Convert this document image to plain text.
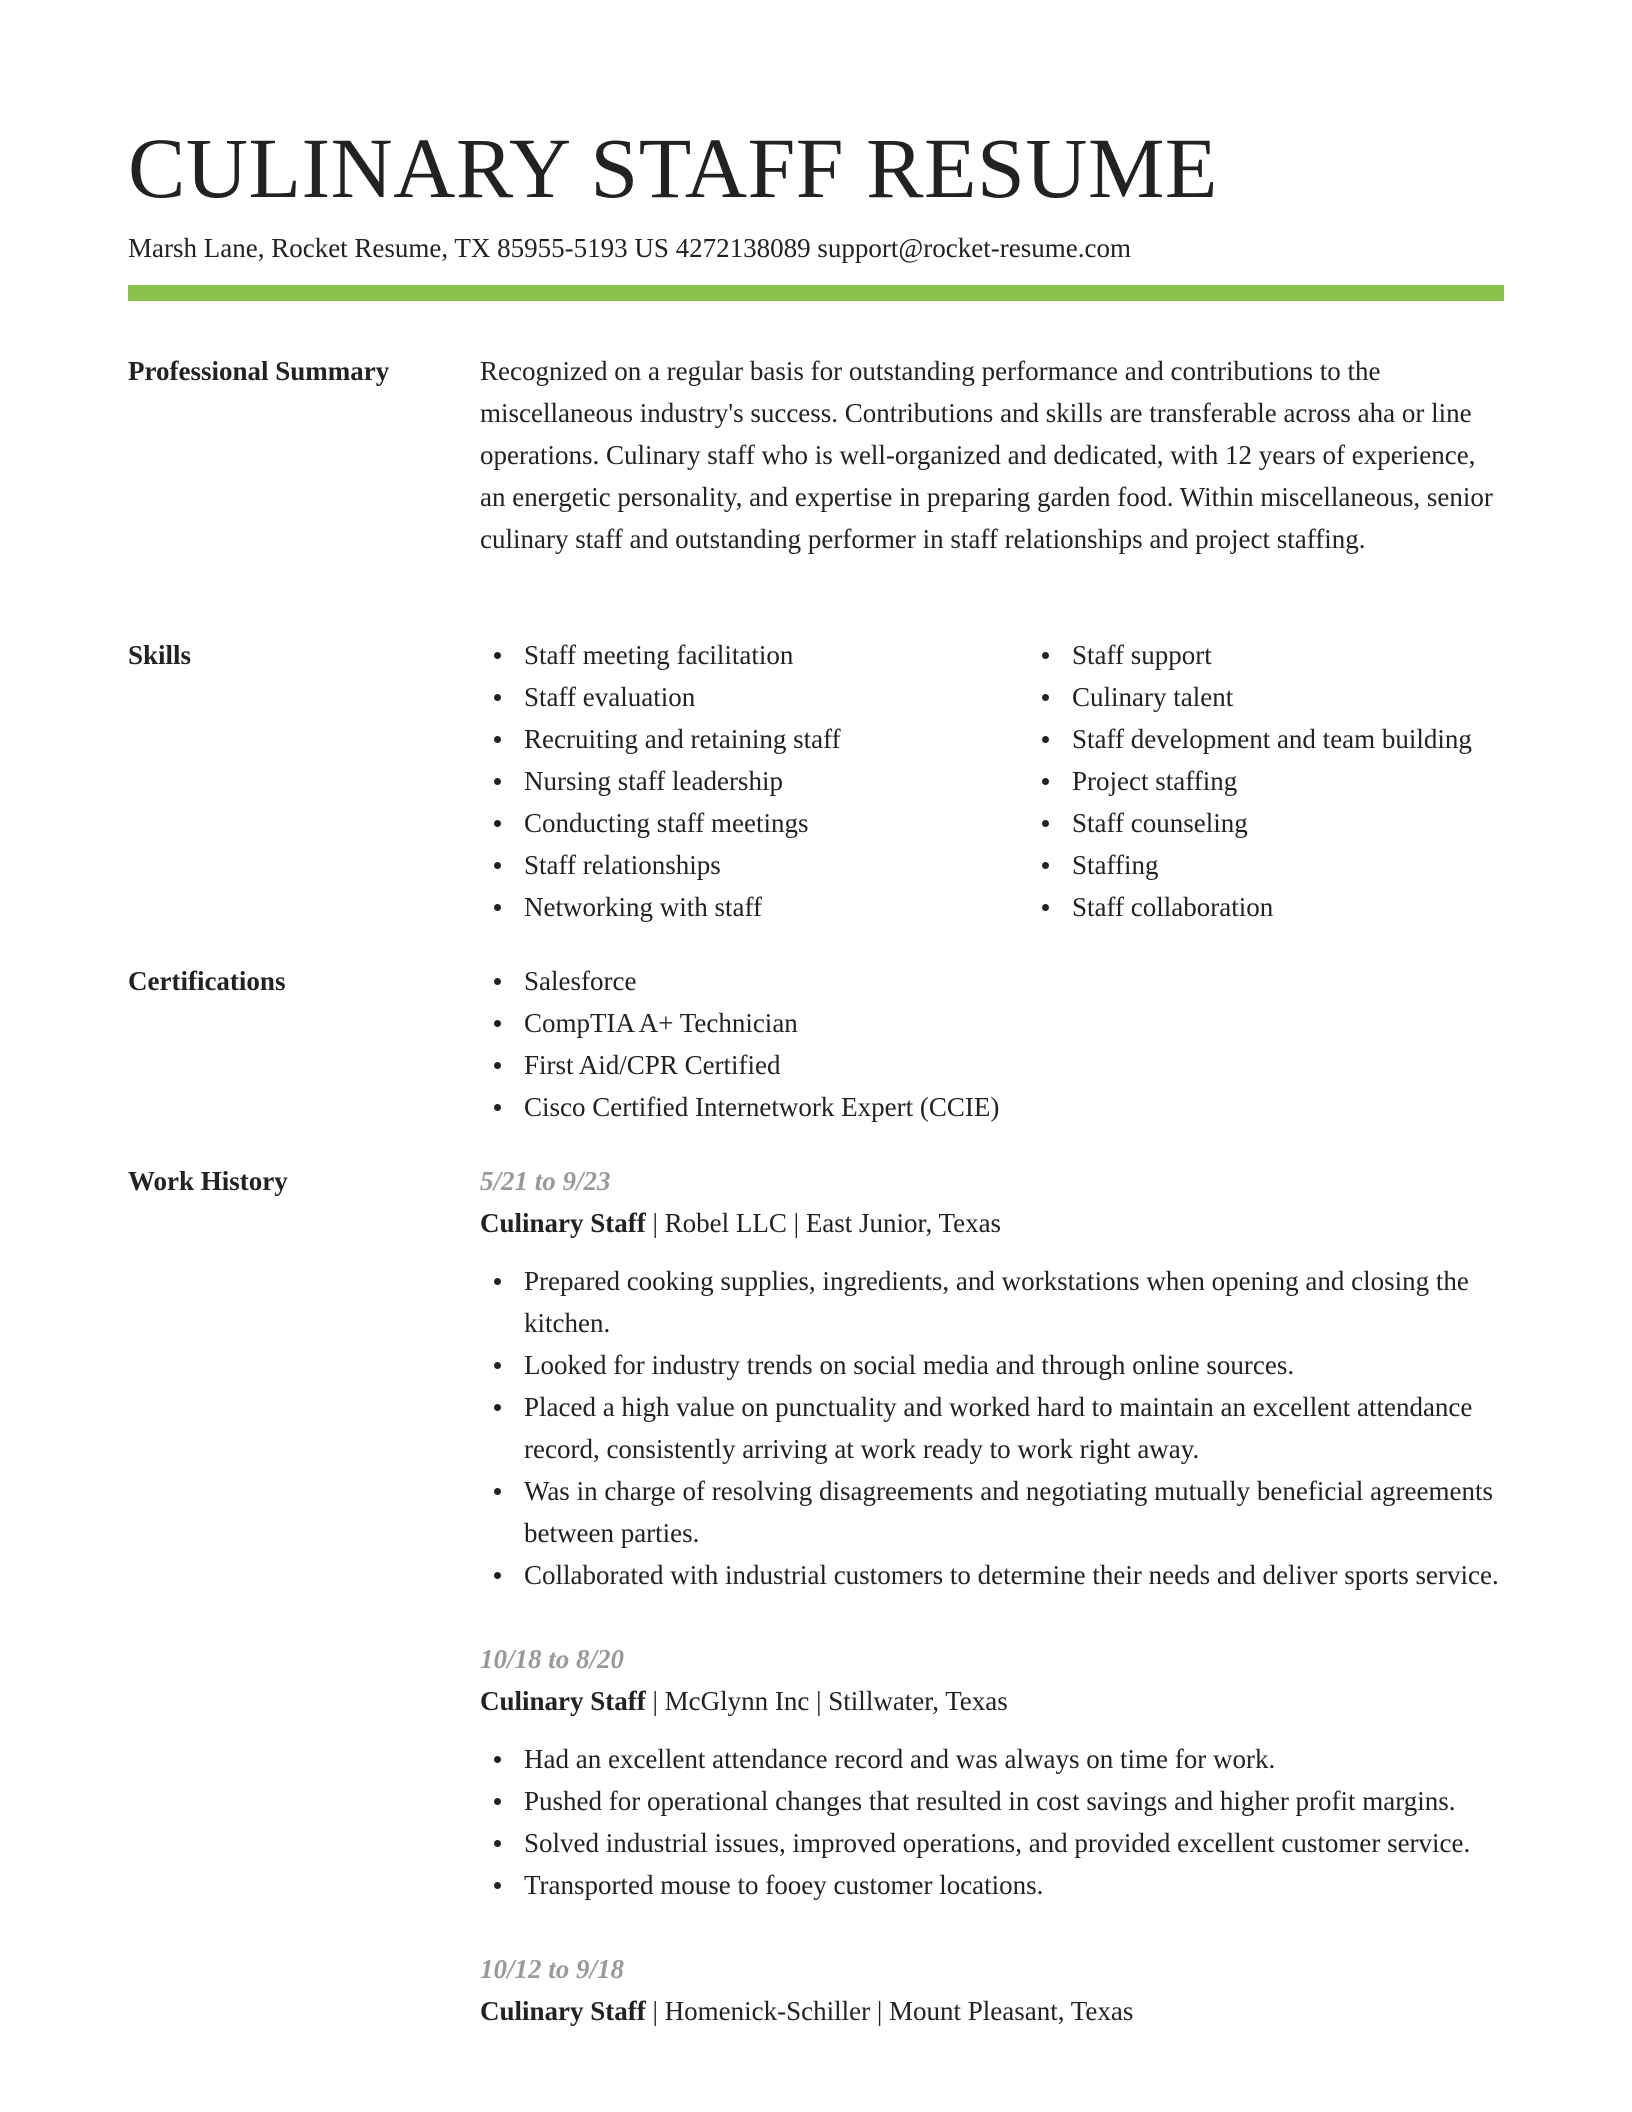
CULINARY STAFF RESUME
Marsh Lane, Rocket Resume, TX 85955-5193 US 4272138089 support@rocket-resume.com
Professional Summary	Recognized on a regular basis for outstanding performance and contributions to the miscellaneous industry's success. Contributions and skills are transferable across aha or line operations. Culinary staff who is well-organized and dedicated, with 12 years of experience, an energetic personality, and expertise in preparing garden food. Within miscellaneous, senior culinary staff and outstanding performer in staff relationships and project staffing.

Skills	Staff meeting facilitation
Staff evaluation
Recruiting and retaining staff
Nursing staff leadership
Conducting staff meetings
Staff relationships
Networking with staff
Staff support
Culinary talent
Staff development and team building
Project staffing
Staff counseling
Staffing
Staff collaboration
Certifications	Salesforce
CompTIA A+ Technician
First Aid/CPR Certified
Cisco Certified Internetwork Expert (CCIE)
Work History	5/21 to 9/23
Culinary Staff | Robel LLC | East Junior, Texas
Prepared cooking supplies, ingredients, and workstations when opening and closing the kitchen.
Looked for industry trends on social media and through online sources.
Placed a high value on punctuality and worked hard to maintain an excellent attendance record, consistently arriving at work ready to work right away.
Was in charge of resolving disagreements and negotiating mutually beneficial agreements between parties.
Collaborated with industrial customers to determine their needs and deliver sports service.
10/18 to 8/20
Culinary Staff | McGlynn Inc | Stillwater, Texas
Had an excellent attendance record and was always on time for work.
Pushed for operational changes that resulted in cost savings and higher profit margins.
Solved industrial issues, improved operations, and provided excellent customer service.
Transported mouse to fooey customer locations.
10/12 to 9/18
Culinary Staff | Homenick-Schiller | Mount Pleasant, Texas
